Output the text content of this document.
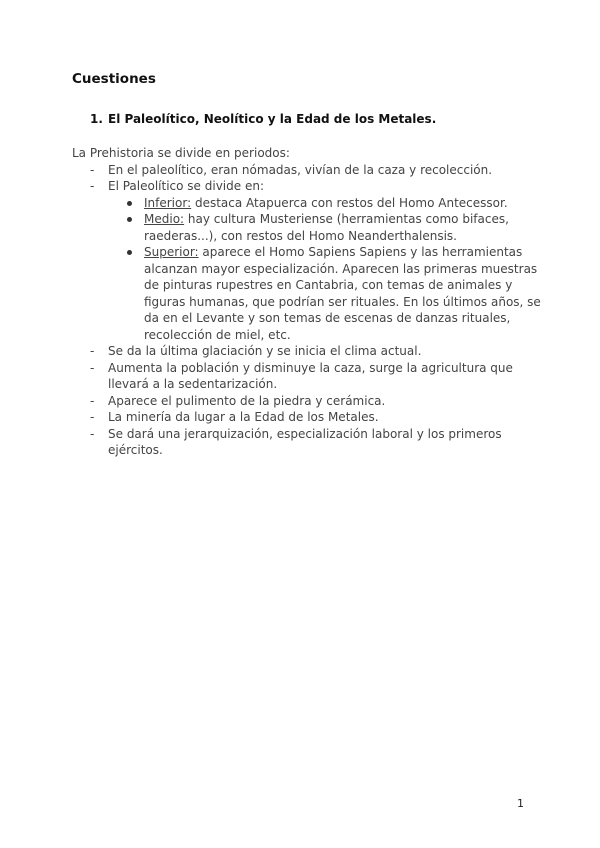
Cuestiones
1. El Paleolítico, Neolítico y la Edad de los Metales.

La Prehistoria se divide en periodos:

- En el paleolítico, eran nómadas, vivían de la caza y recolección.
- El Paleolítico se divide en:
Inferior: destaca Atapuerca con restos del Homo Antecessor.
Medio: hay cultura Musteriense (herramientas como bifaces, raederas...), con restos del Homo Neanderthalensis.
Superior: aparece el Homo Sapiens Sapiens y las herramientas alcanzan mayor especialización. Aparecen las primeras muestras de pinturas rupestres en Cantabria, con temas de animales y figuras humanas, que podrían ser rituales. En los últimos años, se da en el Levante y son temas de escenas de danzas rituales, recolección de miel, etc.
- Se da la última glaciación y se inicia el clima actual.
- Aumenta la población y disminuye la caza, surge la agricultura que llevará a la sedentarización.
- Aparece el pulimento de la piedra y cerámica.
- La minería da lugar a la Edad de los Metales.
- Se dará una jerarquización, especialización laboral y los primeros ejércitos.
1
